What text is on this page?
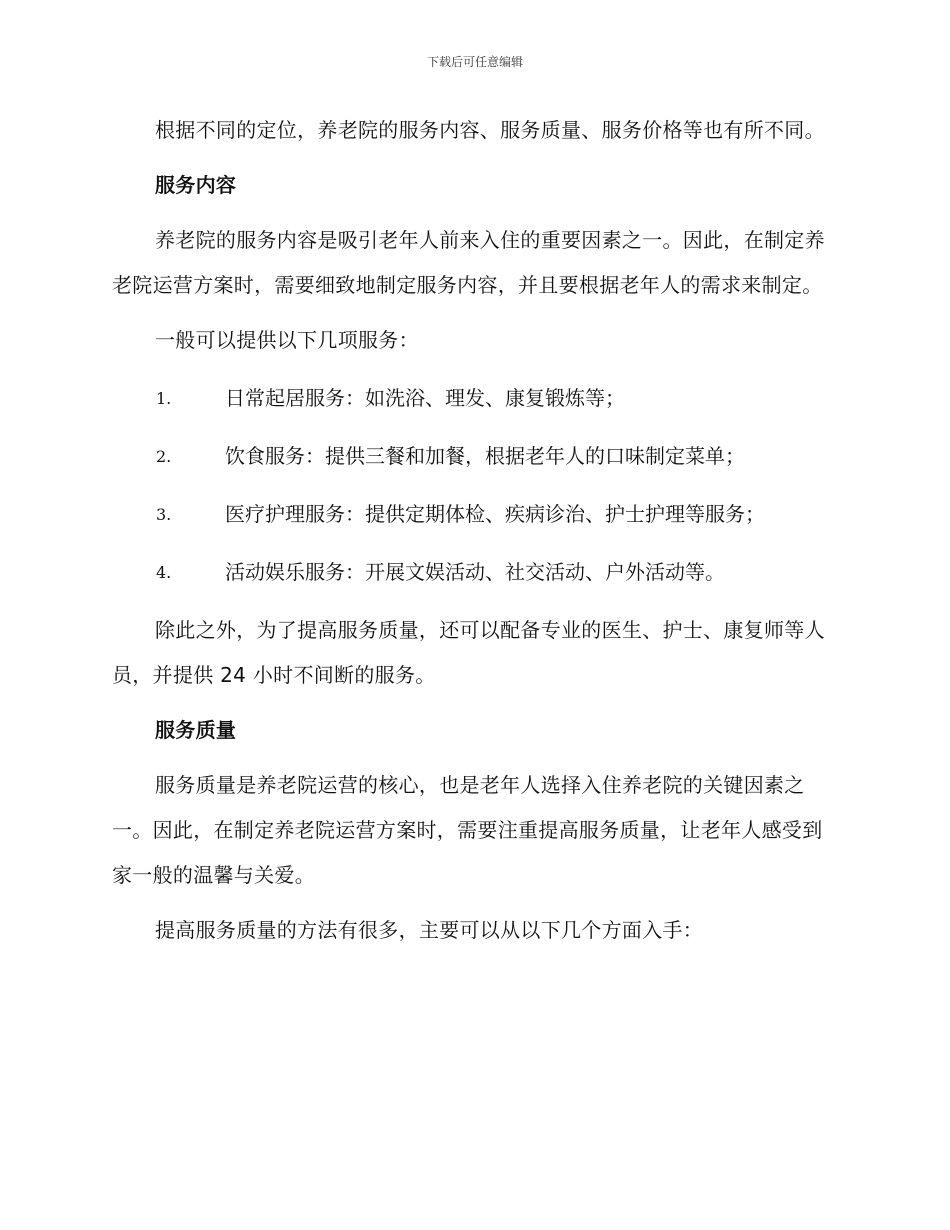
下载后可任意编辑

根据不同的定位，养老院的服务内容、服务质量、服务价格等也有所不同。

服务内容

养老院的服务内容是吸引老年人前来入住的重要因素之一。因此，在制定养老院运营方案时，需要细致地制定服务内容，并且要根据老年人的需求来制定。

一般可以提供以下几项服务：

1.	日常起居服务：如洗浴、理发、康复锻炼等；
2.	饮食服务：提供三餐和加餐，根据老年人的口味制定菜单；
3.	医疗护理服务：提供定期体检、疾病诊治、护士护理等服务；
4.	活动娱乐服务：开展文娱活动、社交活动、户外活动等。

除此之外，为了提高服务质量，还可以配备专业的医生、护士、康复师等人员，并提供 24 小时不间断的服务。

服务质量

服务质量是养老院运营的核心，也是老年人选择入住养老院的关键因素之一。因此，在制定养老院运营方案时，需要注重提高服务质量，让老年人感受到家一般的温馨与关爱。

提高服务质量的方法有很多，主要可以从以下几个方面入手：
